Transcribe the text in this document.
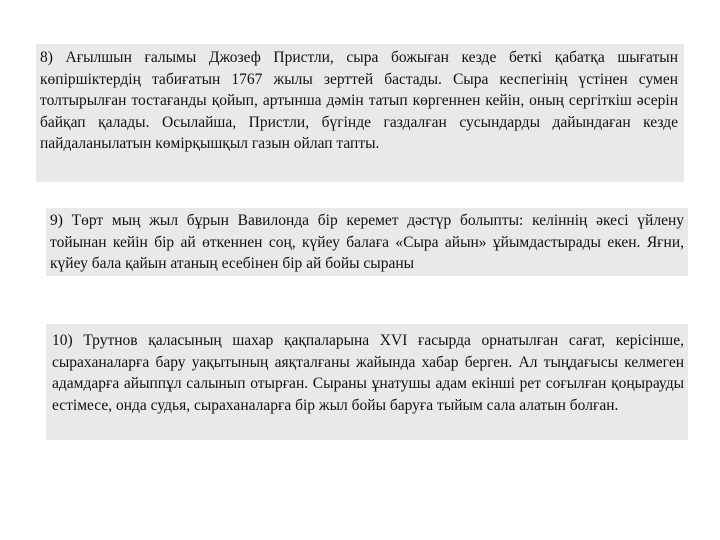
8) Ағылшын ғалымы Джозеф Пристли, сыра божыған кезде беткі қабатқа шығатын көпіршіктердің табиғатын 1767 жылы зерттей бастады. Сыра кеспегінің үстінен сумен толтырылған тостағанды қойып, артынша дәмін татып көргеннен кейін, оның сергіткіш әсерін байқап қалады. Осылайша, Пристли, бүгінде газдалған сусындарды дайындаған кезде пайдаланылатын көмірқышқыл газын ойлап тапты.

9) Төрт мың жыл бұрын Вавилонда бір керемет дәстүр болыпты: келіннің әкесі үйлену тойынан кейін бір ай өткеннен соң, күйеу балаға «Сыра айын» ұйымдастырады екен. Яғни, күйеу бала қайын атаның есебінен бір ай бойы сыраны

10) Трутнов қаласының шахар қақпаларына XVI ғасырда орнатылған сағат, керісінше, сыраханаларға бару уақытының аяқталғаны жайында хабар берген. Ал тыңдағысы келмеген адамдарға айыппұл салынып отырған. Сыраны ұнатушы адам екінші рет соғылған қоңырауды естімесе, онда судья, сыраханаларға бір жыл бойы баруға тыйым сала алатын болған.
